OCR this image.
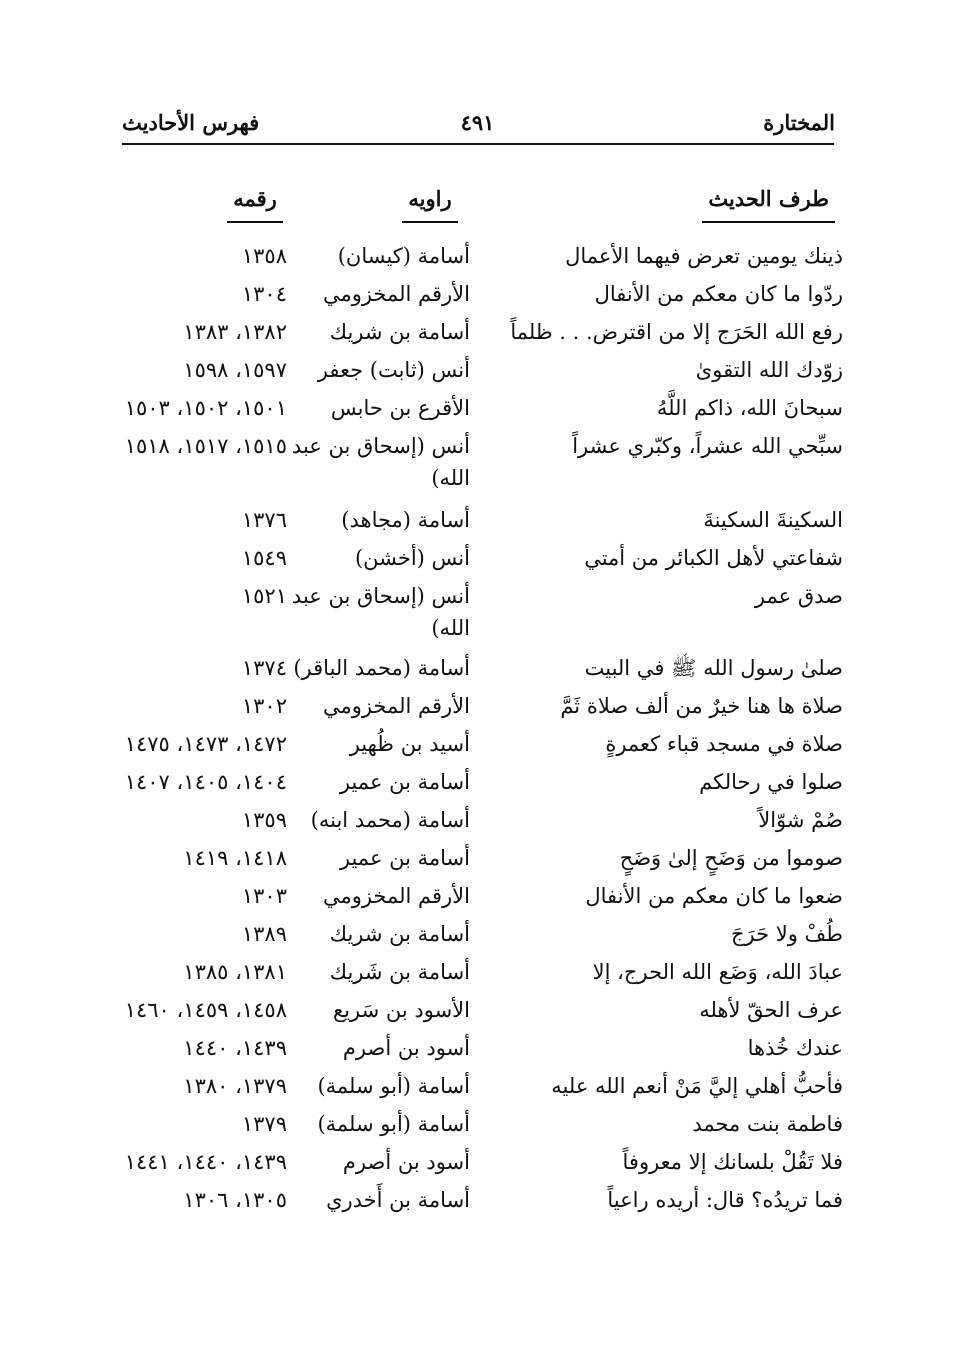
المختارة
٤٩١
فهرس الأحاديث
طرف الحديث
راويه
رقمه
ذينك يومين تعرض فيهما الأعمال
أسامة (كيسان)
١٣٥٨
ردّوا ما كان معكم من الأنفال
الأرقم المخزومي
١٣٠٤
رفع الله الحَرَج إلا من اقترض. . . ظلماً
أسامة بن شريك
١٣٨٢، ١٣٨٣
زوّدك الله التقوىٰ
أنس (ثابت) جعفر
١٥٩٧، ١٥٩٨
سبحانَ الله، ذاكم اللَّهُ
الأقرع بن حابس
١٥٠١، ١٥٠٢، ١٥٠٣
سبِّحي الله عشراً، وكبّري عشراً
أنس (إسحاق بن عبد الله)
١٥١٥، ١٥١٧، ١٥١٨
السكينةَ السكينةَ
أسامة (مجاهد)
١٣٧٦
شفاعتي لأهل الكبائر من أمتي
أنس (أخشن)
١٥٤٩
صدق عمر
أنس (إسحاق بن عبد الله)
١٥٢١
صلىٰ رسول الله ﷺ في البيت
أسامة (محمد الباقر)
١٣٧٤
صلاة ها هنا خيرٌ من ألف صلاة ثَمَّ
الأرقم المخزومي
١٣٠٢
صلاة في مسجد قباء كعمرةٍ
أسيد بن ظُهير
١٤٧٢، ١٤٧٣، ١٤٧٥
صلوا في رحالكم
أسامة بن عمير
١٤٠٤، ١٤٠٥، ١٤٠٧
صُمْ شوّالاً
أسامة (محمد ابنه)
١٣٥٩
صوموا من وَضَحٍ إلىٰ وَضَحٍ
أسامة بن عمير
١٤١٨، ١٤١٩
ضعوا ما كان معكم من الأنفال
الأرقم المخزومي
١٣٠٣
طُفْ ولا حَرَجَ
أسامة بن شريك
١٣٨٩
عبادَ الله، وَضَع الله الحرج، إلا
أسامة بن شَريك
١٣٨١، ١٣٨٥
عرف الحقّ لأهله
الأسود بن سَريع
١٤٥٨، ١٤٥٩، ١٤٦٠
عندك خُذها
أسود بن أصرم
١٤٣٩، ١٤٤٠
فأحبُّ أهلي إليَّ مَنْ أنعم الله عليه
أسامة (أبو سلمة)
١٣٧٩، ١٣٨٠
فاطمة بنت محمد
أسامة (أبو سلمة)
١٣٧٩
فلا تَقُلْ بلسانك إلا معروفاً
أسود بن أصرم
١٤٣٩، ١٤٤٠، ١٤٤١
فما تريدُه؟ قال: أريده راعياً
أسامة بن أَخدري
١٣٠٥، ١٣٠٦
